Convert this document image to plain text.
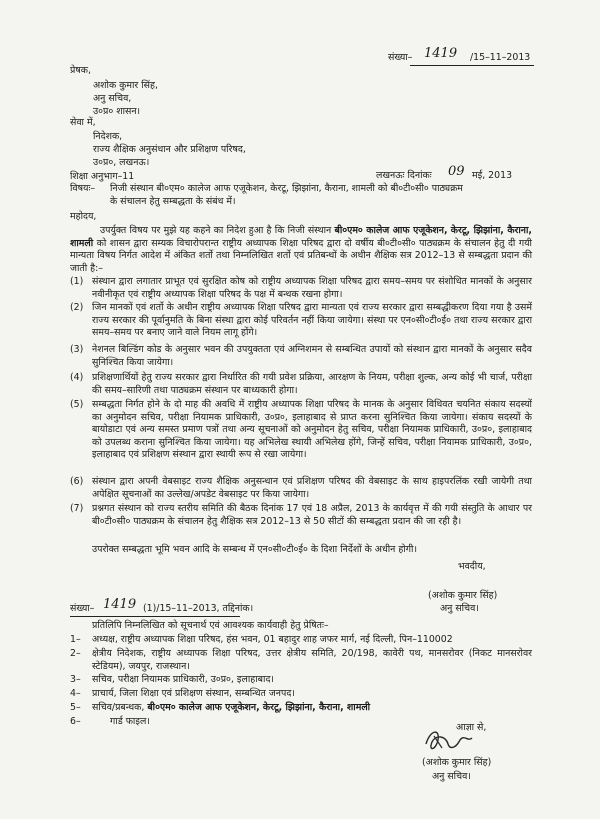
संख्या– 1419 /15–11–2013
प्रेषक,
अशोक कुमार सिंह,
अनु सचिव,
उ०प्र० शासन।
सेवा में,
निदेशक,
राज्य शैक्षिक अनुसंधान और प्रशिक्षण परिषद,
उ०प्र०, लखनऊ।
शिक्षा अनुभाग–11	लखनऊः दिनांकः 09 मई, 2013
विषयः– निजी संस्थान बी०एम० कालेज आफ एजूकेशन, केरटू, झिझांना, कैराना, शामली को बी०टी०सी० पाठ्यक्रम
के संचालन हेतु सम्बद्धता के संबंध में।
महोदय,
उपर्युक्त विषय पर मुझे यह कहने का निदेश हुआ है कि निजी संस्थान बी०एम० कालेज आफ एजूकेशन, केरटू, झिझांना, कैराना, शामली को शासन द्वारा सम्यक विचारोपरान्त राष्ट्रीय अध्यापक शिक्षा परिषद द्वारा दो वर्षीय बी०टी०सी० पाठ्यक्रम के संचालन हेतु दी गयी मान्यता विषय निर्गत आदेश में अंकित शर्तो तथा निम्नलिखित शर्तो एवं प्रतिबन्धों के अधीन शैक्षिक सत्र 2012–13 से सम्बद्धता प्रदान की जाती है:–
(1) संस्थान द्वारा लगातार प्राभूत एवं सुरक्षित कोष को राष्ट्रीय अध्यापक शिक्षा परिषद द्वारा समय–समय पर संशोधित मानकों के अनुसार नवीनीकृत एवं राष्ट्रीय अध्यापक शिक्षा परिषद के पक्ष में बन्धक रखना होगा।
(2) जिन मानकों एवं शर्तो के अधीन राष्ट्रीय अध्यापक शिक्षा परिषद द्वारा मान्यता एवं राज्य सरकार द्वारा सम्बद्धीकरण दिया गया है उसमें राज्य सरकार की पूर्वानुमति के बिना संस्था द्वारा कोई परिवर्तन नहीं किया जायेगा। संस्था पर एन०सी०टी०ई० तथा राज्य सरकार द्वारा समय–समय पर बनाए जाने वाले नियम लागू होंगे।
(3) नेशनल बिल्डिंग कोड के अनुसार भवन की उपयुक्तता एवं अग्निशमन से सम्बन्धित उपायों को संस्थान द्वारा मानकों के अनुसार सदैव सुनिश्चित किया जायेगा।
(4) प्रशिक्षणार्थियों हेतु राज्य सरकार द्वारा निर्धारित की गयी प्रवेश प्रक्रिया, आरक्षण के नियम, परीक्षा शुल्क, अन्य कोई भी चार्ज, परीक्षा की समय–सारिणी तथा पाठ्यक्रम संस्थान पर बाध्यकारी होगा।
(5) सम्बद्धता निर्गत होने के दो माह की अवधि में राष्ट्रीय अध्यापक शिक्षा परिषद के मानक के अनुसार विधिवत चयनित संकाय सदस्यों का अनुमोदन सचिव, परीक्षा नियामक प्राधिकारी, उ०प्र०, इलाहाबाद से प्राप्त करना सुनिश्चित किया जायेगा। संकाय सदस्यों के बायोडाटा एवं अन्य समस्त प्रमाण पत्रों तथा अन्य सूचनाओं को अनुमोदन हेतु सचिव, परीक्षा नियामक प्राधिकारी, उ०प्र०, इलाहाबाद को उपलब्ध कराना सुनिश्चित किया जायेगा। यह अभिलेख स्थायी अभिलेख होंगे, जिन्हें सचिव, परीक्षा नियामक प्राधिकारी, उ०प्र०, इलाहाबाद एवं प्रशिक्षण संस्थान द्वारा स्थायी रूप से रखा जायेगा।
(6) संस्थान द्वारा अपनी वेबसाइट राज्य शैक्षिक अनुसन्धान एवं प्रशिक्षण परिषद की वेबसाइट के साथ हाइपरलिंक रखी जायेगी तथा अपेक्षित सूचनाओं का उल्लेख/अपडेट वेबसाइट पर किया जायेगा।
(7) प्रश्नगत संस्थान को राज्य स्तरीय समिति की बैठक दिनांक 17 एवं 18 अप्रैल, 2013 के कार्यवृत्त में की गयी संस्तुति के आधार पर बी०टी०सी० पाठ्यक्रम के संचालन हेतु शैक्षिक सत्र 2012–13 से 50 सीटों की सम्बद्धता प्रदान की जा रही है।
उपरोक्त सम्बद्धता भूमि भवन आदि के सम्बन्ध में एन०सी०टी०ई० के दिशा निर्देशों के अधीन होगी।
भवदीय,
(अशोक कुमार सिंह)
अनु सचिव।
संख्या– 1419 (1)/15–11–2013, तद्दिनांक।
प्रतिलिपि निम्नलिखित को सूचनार्थ एवं आवश्यक कार्यवाही हेतु प्रेषितः–
1– अध्यक्ष, राष्ट्रीय अध्यापक शिक्षा परिषद, हंस भवन, 01 बहादुर शाह जफर मार्ग, नई दिल्ली, पिन–110002
2– क्षेत्रीय निदेशक, राष्ट्रीय अध्यापक शिक्षा परिषद, उत्तर क्षेत्रीय समिति, 20/198, कावेरी पथ, मानसरोवर (निकट मानसरोवर स्टेडियम), जयपुर, राजस्थान।
3– सचिव, परीक्षा नियामक प्राधिकारी, उ०प्र०, इलाहाबाद।
4– प्राचार्य, जिला शिक्षा एवं प्रशिक्षण संस्थान, सम्बन्धित जनपद।
5– सचिव/प्रबन्धक, बी०एम० कालेज आफ एजूकेशन, केरटू, झिझांना, कैराना, शामली
6–	गार्ड फाइल।
आज्ञा से,
(अशोक कुमार सिंह)
अनु सचिव।
